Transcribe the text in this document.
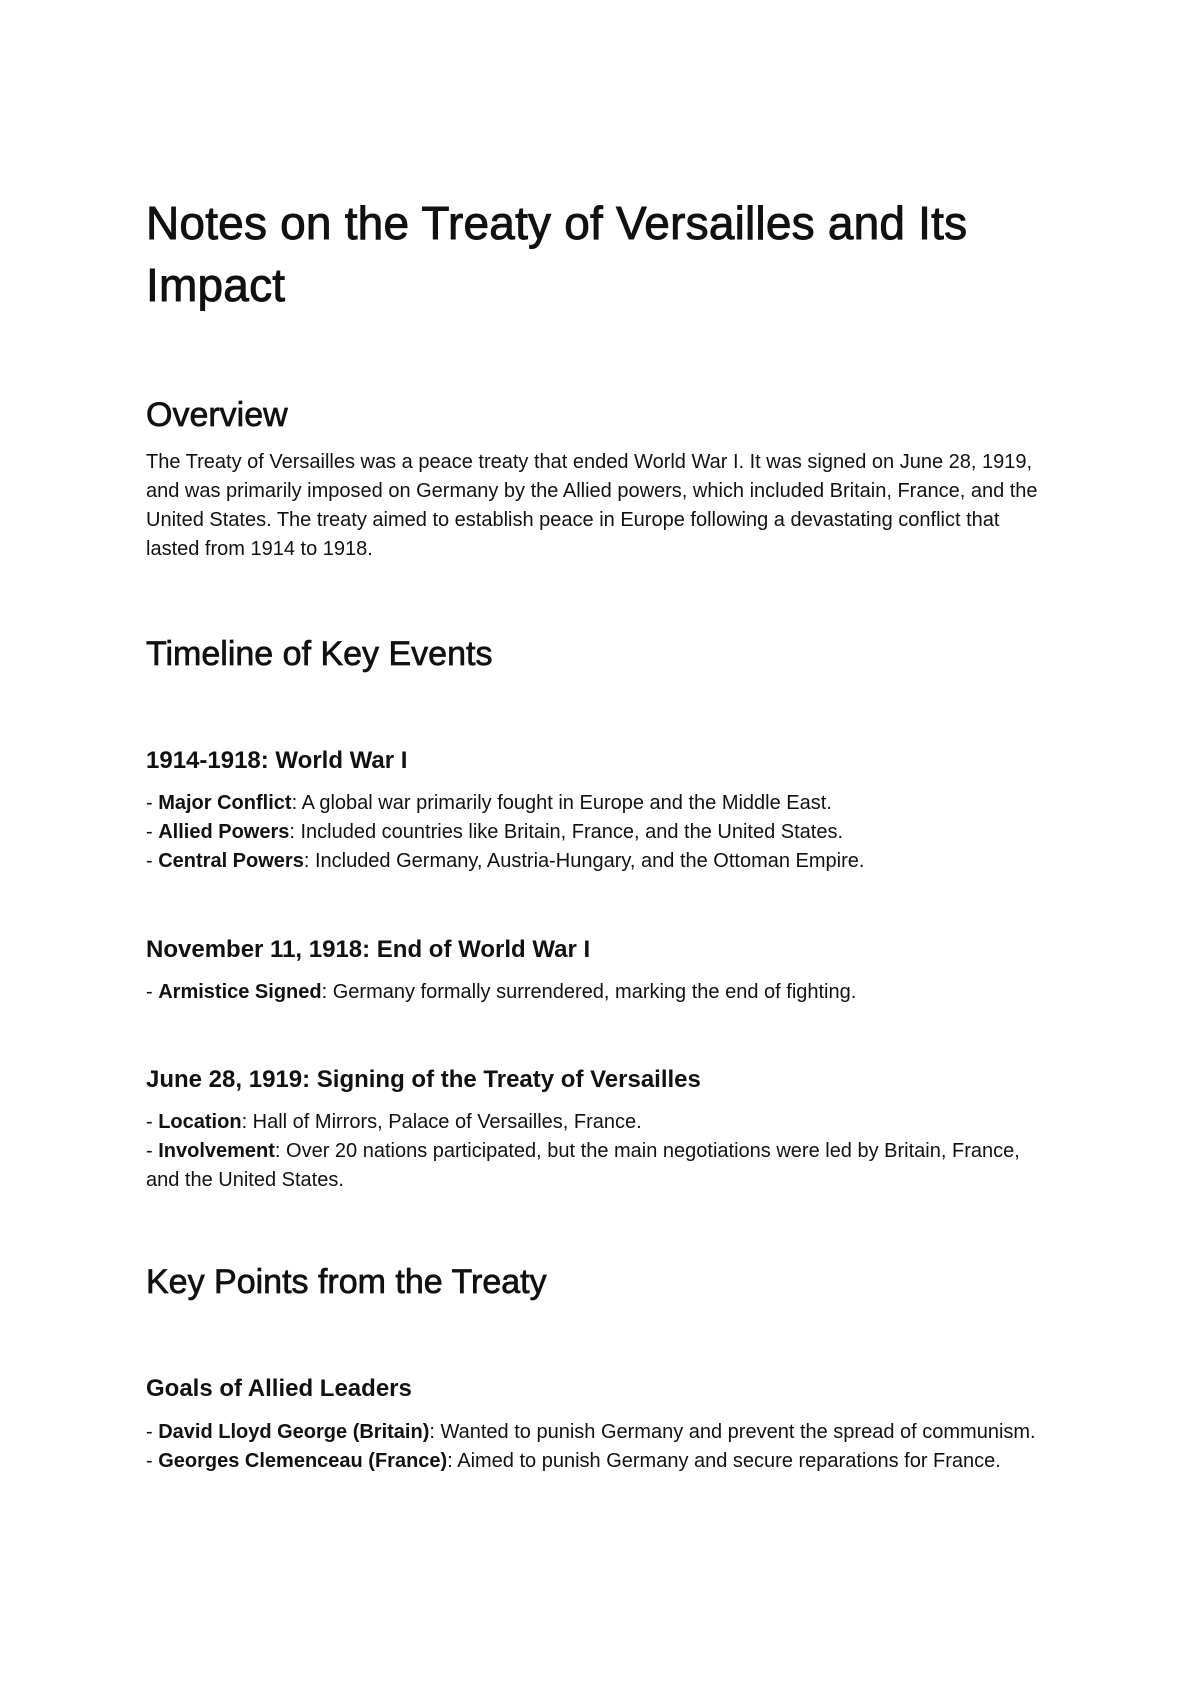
Notes on the Treaty of Versailles and Its Impact
Overview

The Treaty of Versailles was a peace treaty that ended World War I. It was signed on June 28, 1919, and was primarily imposed on Germany by the Allied powers, which included Britain, France, and the United States. The treaty aimed to establish peace in Europe following a devastating conflict that lasted from 1914 to 1918.

Timeline of Key Events
1914-1918: World War I
- Major Conflict: A global war primarily fought in Europe and the Middle East.
- Allied Powers: Included countries like Britain, France, and the United States.
- Central Powers: Included Germany, Austria-Hungary, and the Ottoman Empire.
November 11, 1918: End of World War I
- Armistice Signed: Germany formally surrendered, marking the end of fighting.
June 28, 1919: Signing of the Treaty of Versailles
- Location: Hall of Mirrors, Palace of Versailles, France.
- Involvement: Over 20 nations participated, but the main negotiations were led by Britain, France, and the United States.
Key Points from the Treaty
Goals of Allied Leaders
- David Lloyd George (Britain): Wanted to punish Germany and prevent the spread of communism.
- Georges Clemenceau (France): Aimed to punish Germany and secure reparations for France.
